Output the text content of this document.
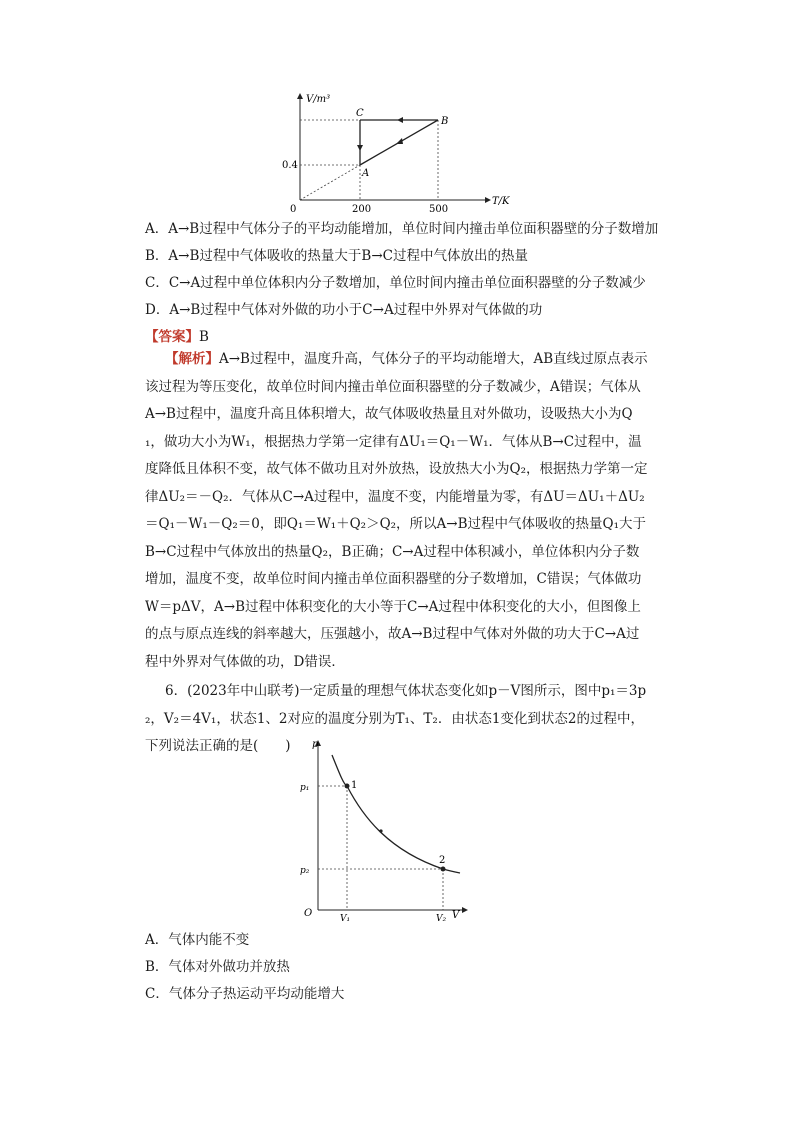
V/m³
T/K
0
0.4
200	500
C
B
A
A．A→B过程中气体分子的平均动能增加，单位时间内撞击单位面积器壁的分子数增加
B．A→B过程中气体吸收的热量大于B→C过程中气体放出的热量
C．C→A过程中单位体积内分子数增加，单位时间内撞击单位面积器壁的分子数减少
D．A→B过程中气体对外做的功小于C→A过程中外界对气体做的功
【答案】B
【解析】A→B过程中，温度升高，气体分子的平均动能增大，AB直线过原点表示该过程为等压变化，故单位时间内撞击单位面积器壁的分子数减少，A错误；气体从A→B过程中，温度升高且体积增大，故气体吸收热量且对外做功，设吸热大小为Q₁，做功大小为W₁，根据热力学第一定律有ΔU₁＝Q₁－W₁．气体从B→C过程中，温度降低且体积不变，故气体不做功且对外放热，设放热大小为Q₂，根据热力学第一定律ΔU₂＝－Q₂．气体从C→A过程中，温度不变，内能增量为零，有ΔU＝ΔU₁＋ΔU₂＝Q₁－W₁－Q₂＝0，即Q₁＝W₁＋Q₂＞Q₂，所以A→B过程中气体吸收的热量Q₁大于B→C过程中气体放出的热量Q₂，B正确；C→A过程中体积减小，单位体积内分子数增加，温度不变，故单位时间内撞击单位面积器壁的分子数增加，C错误；气体做功W＝pΔV，A→B过程中体积变化的大小等于C→A过程中体积变化的大小，但图像上的点与原点连线的斜率越大，压强越小，故A→B过程中气体对外做的功大于C→A过程中外界对气体做的功，D错误．
6．(2023年中山联考)一定质量的理想气体状态变化如p－V图所示，图中p₁＝3p₂，V₂＝4V₁，状态1、2对应的温度分别为T₁、T₂．由状态1变化到状态2的过程中，下列说法正确的是(　　)	p
V
O
p₁
p₂
V₁	V₂
1
2
A．气体内能不变
B．气体对外做功并放热
C．气体分子热运动平均动能增大
